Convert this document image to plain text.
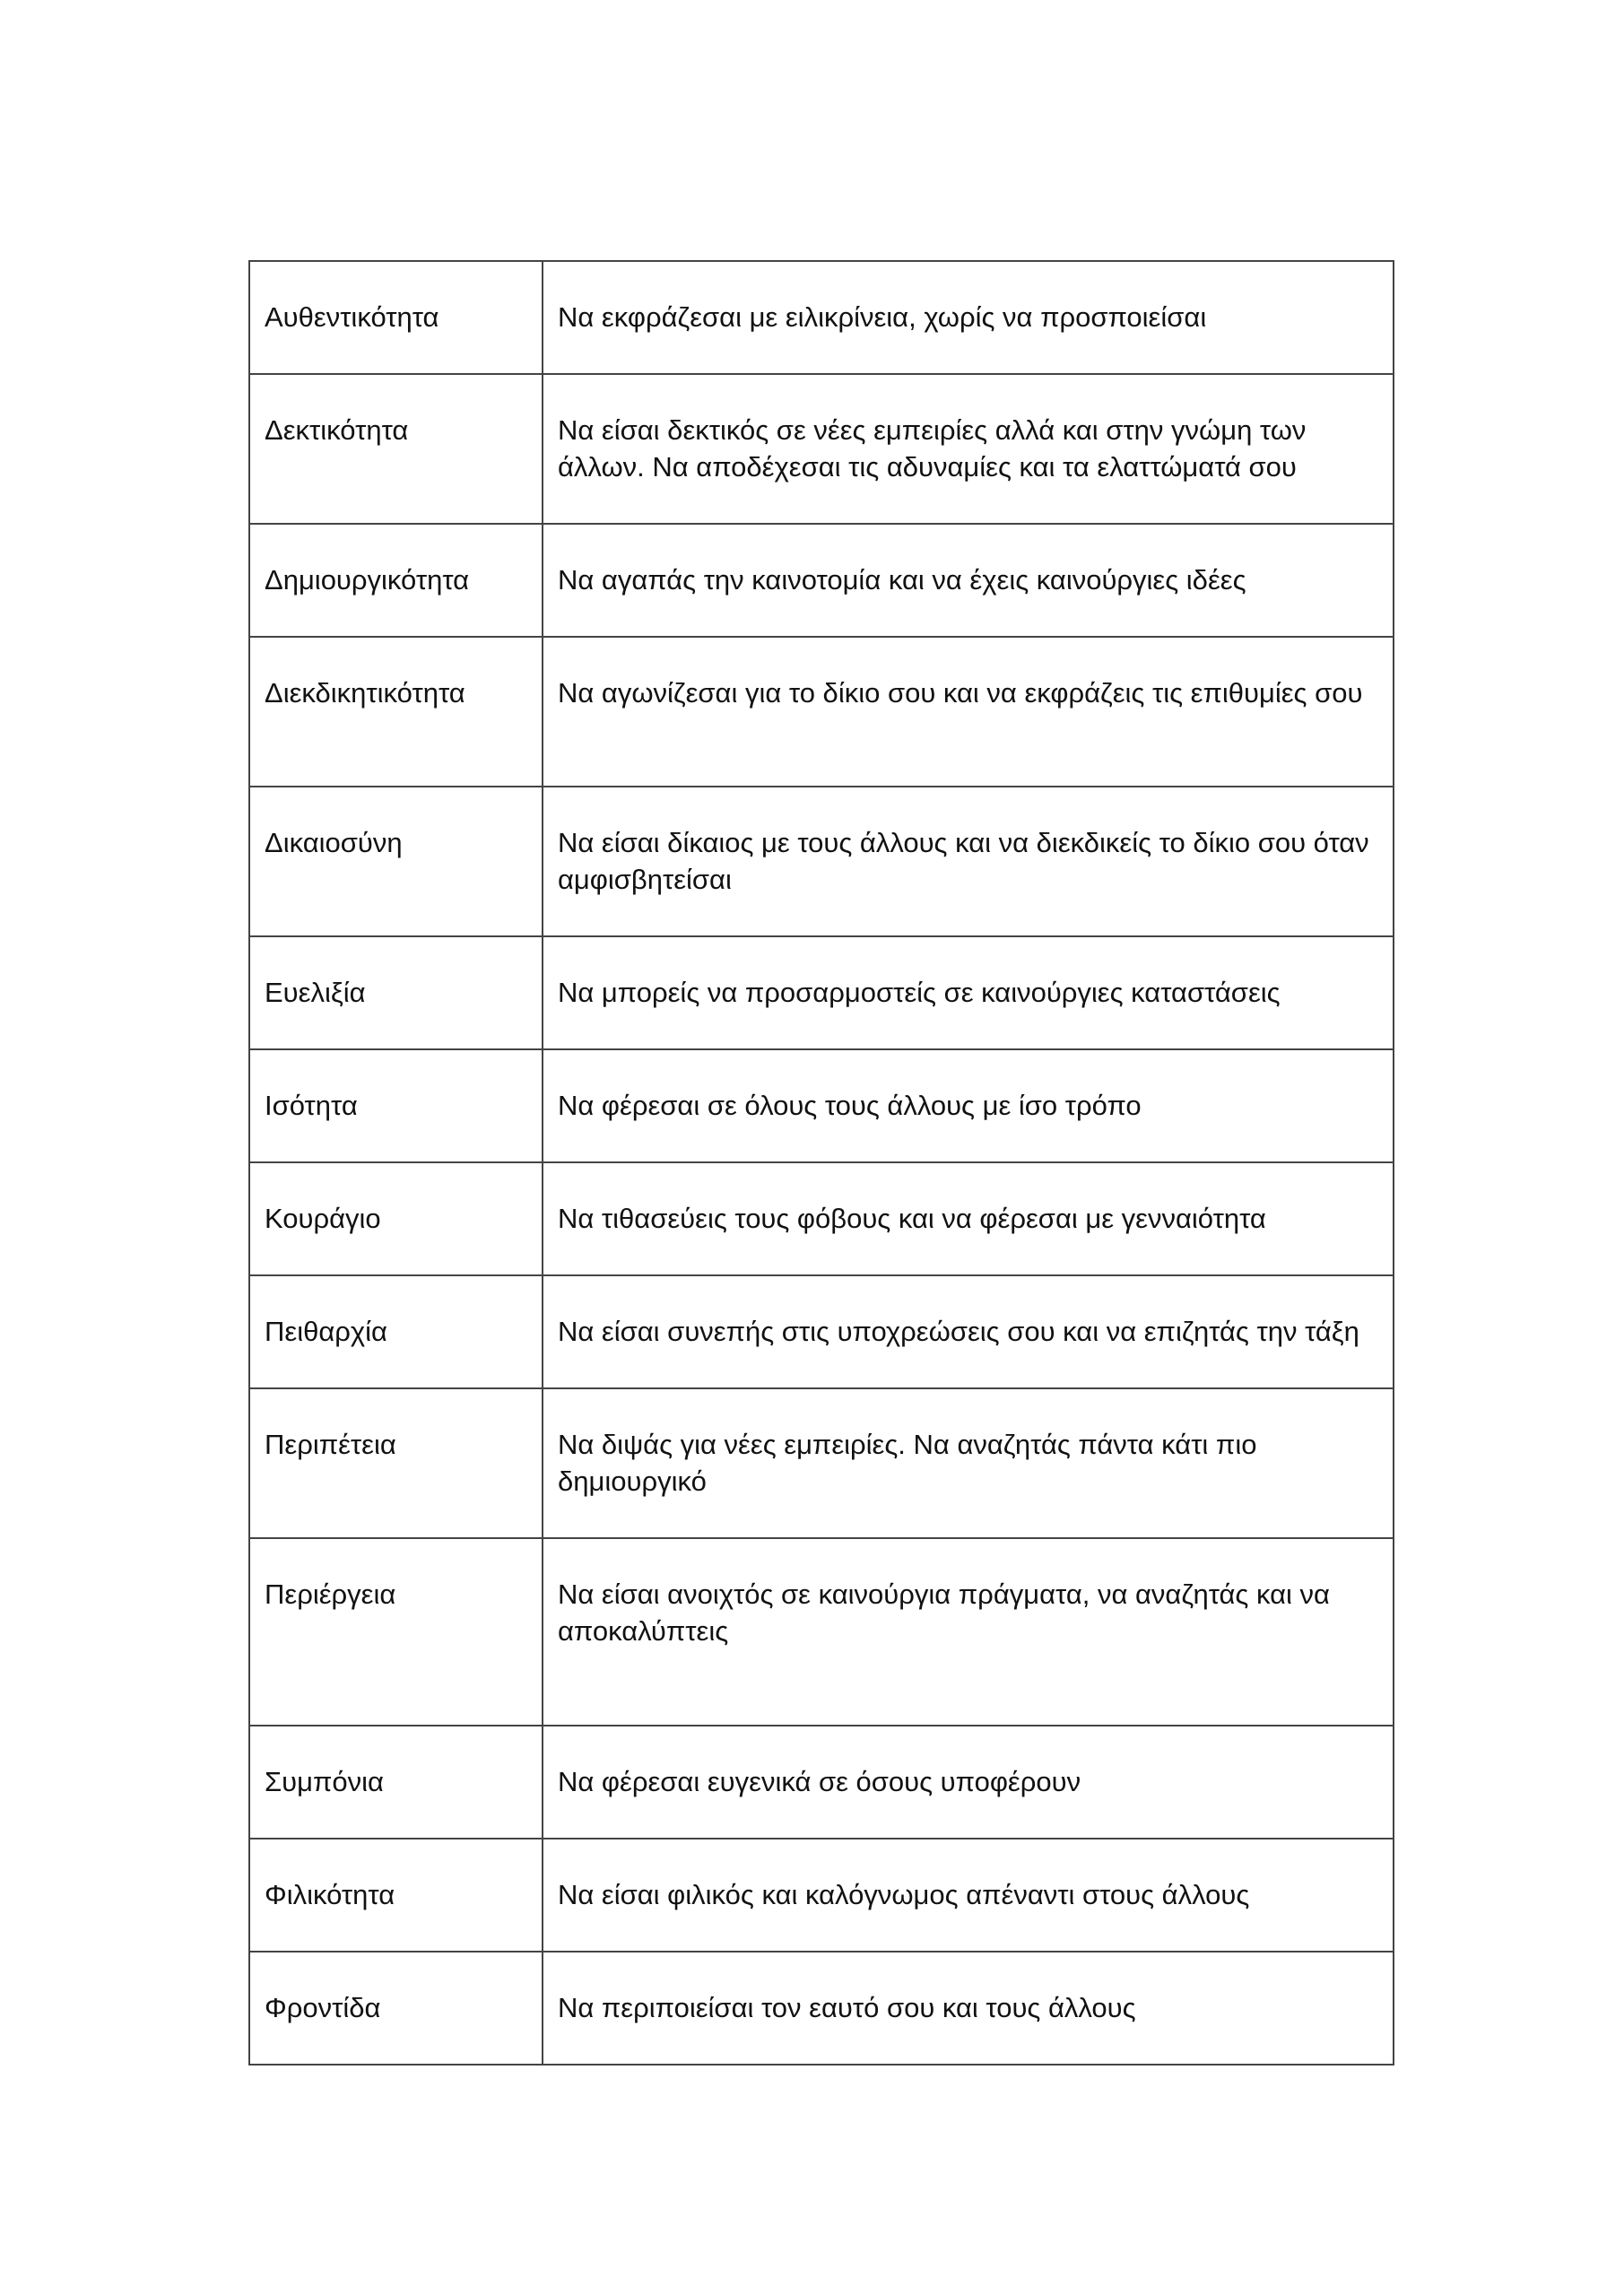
Αυθεντικότητα	Να εκφράζεσαι με ειλικρίνεια, χωρίς να προσποιείσαι
Δεκτικότητα	Να είσαι δεκτικός σε νέες εμπειρίες αλλά και στην γνώμη των άλλων. Να αποδέχεσαι τις αδυναμίες και τα ελαττώματά σου
Δημιουργικότητα	Να αγαπάς την καινοτομία και να έχεις καινούργιες ιδέες
Διεκδικητικότητα	Να αγωνίζεσαι για το δίκιο σου και να εκφράζεις τις επιθυμίες σου
Δικαιοσύνη	Να είσαι δίκαιος με τους άλλους και να διεκδικείς το δίκιο σου όταν αμφισβητείσαι
Ευελιξία	Να μπορείς να προσαρμοστείς σε καινούργιες καταστάσεις
Ισότητα	Να φέρεσαι σε όλους τους άλλους με ίσο τρόπο
Κουράγιο	Να τιθασεύεις τους φόβους και να φέρεσαι με γενναιότητα
Πειθαρχία	Να είσαι συνεπής στις υποχρεώσεις σου και να επιζητάς την τάξη
Περιπέτεια	Να διψάς για νέες εμπειρίες. Να αναζητάς πάντα κάτι πιο δημιουργικό
Περιέργεια	Να είσαι ανοιχτός σε καινούργια πράγματα, να αναζητάς και να αποκαλύπτεις
Συμπόνια	Να φέρεσαι ευγενικά σε όσους υποφέρουν
Φιλικότητα	Να είσαι φιλικός και καλόγνωμος απέναντι στους άλλους
Φροντίδα	Να περιποιείσαι τον εαυτό σου και τους άλλους
